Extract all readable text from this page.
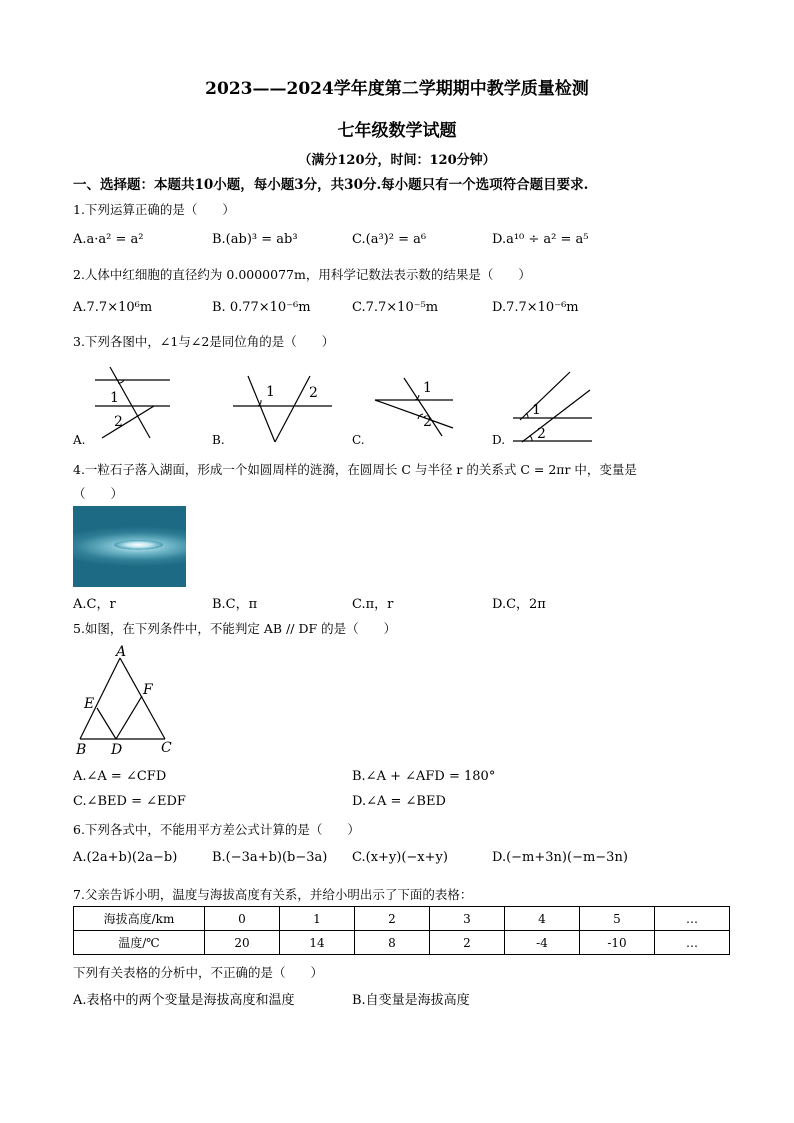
2023——2024学年度第二学期期中教学质量检测
七年级数学试题
（满分120分，时间：120分钟）
一、选择题：本题共10小题，每小题3分，共30分.每小题只有一个选项符合题目要求.
1.下列运算正确的是（　　）
A.a·a² = a²	B.(ab)³ = ab³	C.(a³)² = a⁶	D.a¹⁰ ÷ a² = a⁵
2.人体中红细胞的直径约为 0.0000077m，用科学记数法表示数的结果是（　　）
A.7.7×10⁶m	B. 0.77×10⁻⁶m	C.7.7×10⁻⁵m	D.7.7×10⁻⁶m
3.下列各图中，∠1与∠2是同位角的是（　　）
1
2
A.
1 2
B.
1
2
C.
1
2
D.
4.一粒石子落入湖面，形成一个如圆周样的涟漪，在圆周长 C 与半径 r 的关系式 C = 2πr 中，变量是
（　　）
A.C，r	B.C，π	C.π，r	D.C，2π
5.如图，在下列条件中，不能判定 AB // DF 的是（　　）
A
B	C
D
E
F
A.∠A = ∠CFD	B.∠A + ∠AFD = 180°
C.∠BED = ∠EDF	D.∠A = ∠BED
6.下列各式中，不能用平方差公式计算的是（　　）
A.(2a+b)(2a−b)	B.(−3a+b)(b−3a) C.(x+y)(−x+y)	D.(−m+3n)(−m−3n)
7.父亲告诉小明，温度与海拔高度有关系，并给小明出示了下面的表格：
海拔高度/km	0	1	2	3	4	5	…
温度/℃	20	14	8	2	-4	-10	…
下列有关表格的分析中，不正确的是（　　）
A.表格中的两个变量是海拔高度和温度	B.自变量是海拔高度
